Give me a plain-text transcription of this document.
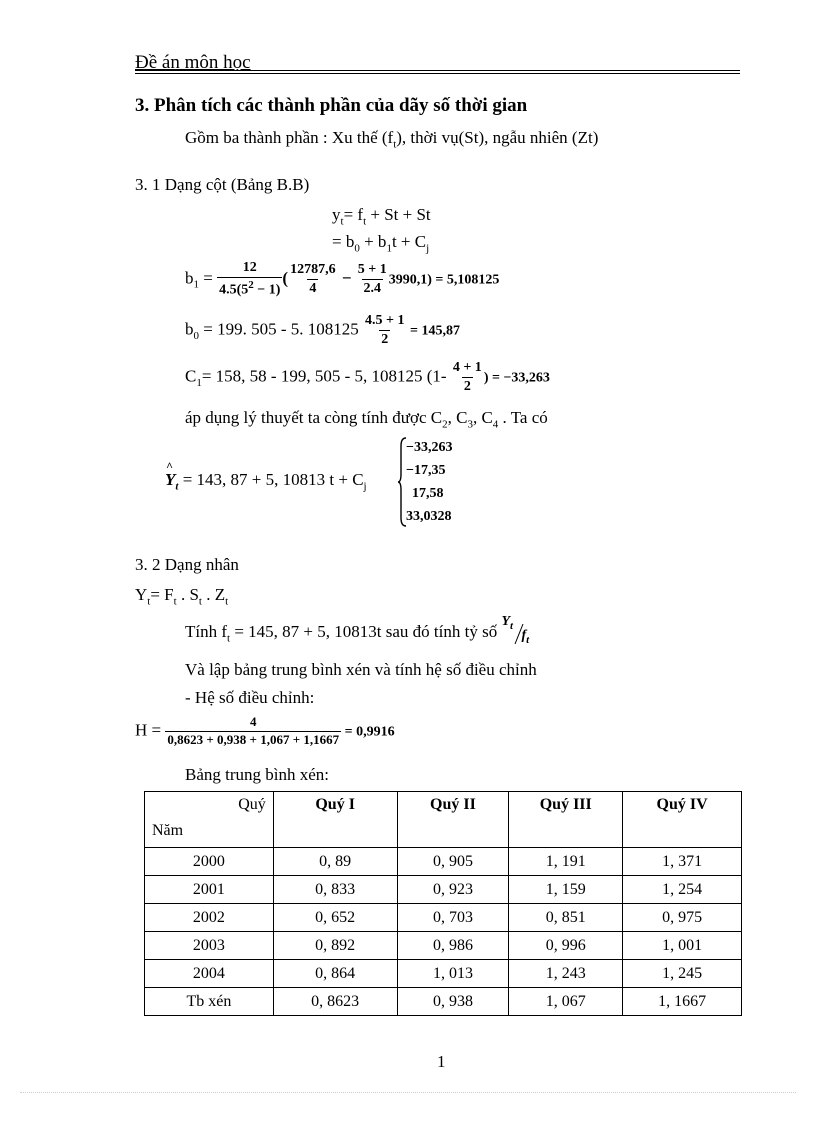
Đề án môn học
3. Phân tích các thành phần của dãy số thời gian
Gồm ba thành phần : Xu thế $(f_t)$, thời vụ(St), ngẫu nhiên (Zt)
3. 1 Dạng cột (Bảng B.B)
$y_t= f_t + St + St$
= $b_0 + b_1t + C_j$
$b_1 = \frac{12}{4.5(5^2 - 1)}$ ( $\frac{12787,6}{4} - \frac{5 + 1}{2.4} 3990,1) = 5,108125$
$b_0 = 199$. 505 - 5. $108125 \frac{4.5 + 1}{2} = 145,87$
$C_1= 158$, 58 - 199, 505 - 5, 108125 ($1- \frac{4 + 1}{2}$ ) = −33,263
áp dụng lý thuyết ta còng tính được $C_2$, $C_3$, $C_4$ . Ta có
^
$Y_t = 143$, 87 + 5, 10813 $t + C_j$
−33,263
−17,35
17,58
33,0328
3. 2 Dạng nhân
$Y_t= F_t$ . $S_t$ . $Z_t$
Tính $f_t = 145$, 87 + 5, 10813t sau đó tính tỷ số
$Y_t$
$f_t$
Và lập bảng trung bình xén và tính hệ số điều chỉnh
- Hệ số điều chỉnh:
$H = \frac{4}{0,8623 + 0,938 + 1,067 + 1,1667} = 0,9916$
Bảng trung bình xén:
Quý
Năm	Quý I	Quý II	Quý III	Quý IV
2000	0, 89	0, 905	1, 191	1, 371
2001	0, 833	0, 923	1, 159	1, 254
2002	0, 652	0, 703	0, 851	0, 975
2003	0, 892	0, 986	0, 996	1, 001
2004	0, 864	1, 013	1, 243	1, 245
Tb xén	0, 8623	0, 938	1, 067	1, 1667
1
